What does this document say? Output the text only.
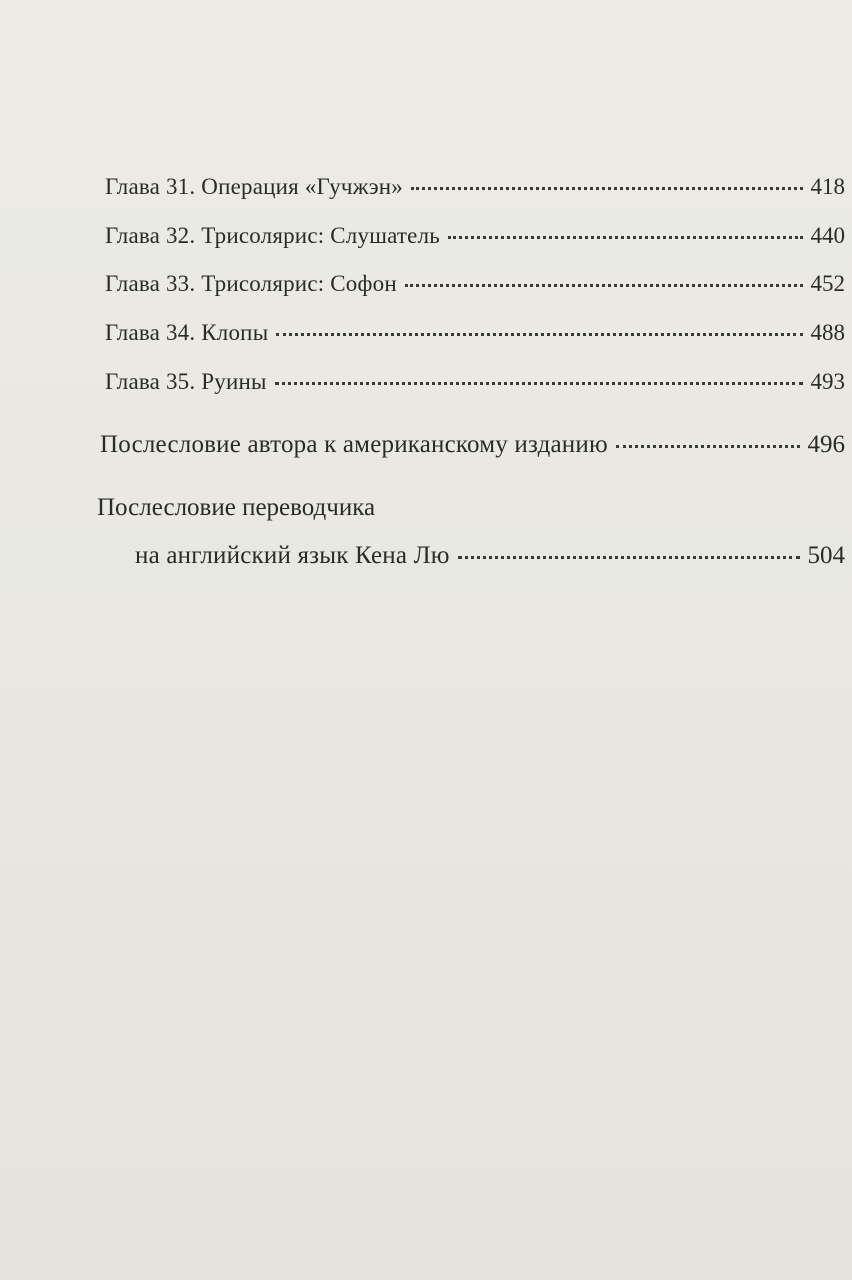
Глава 31. Операция «Гучжэн»	418
Глава 32. Трисолярис: Слушатель	440
Глава 33. Трисолярис: Софон	452
Глава 34. Клопы	488
Глава 35. Руины	493
Послесловие автора к американскому изданию	496
Послесловие переводчика
на английский язык Кена Лю	504
